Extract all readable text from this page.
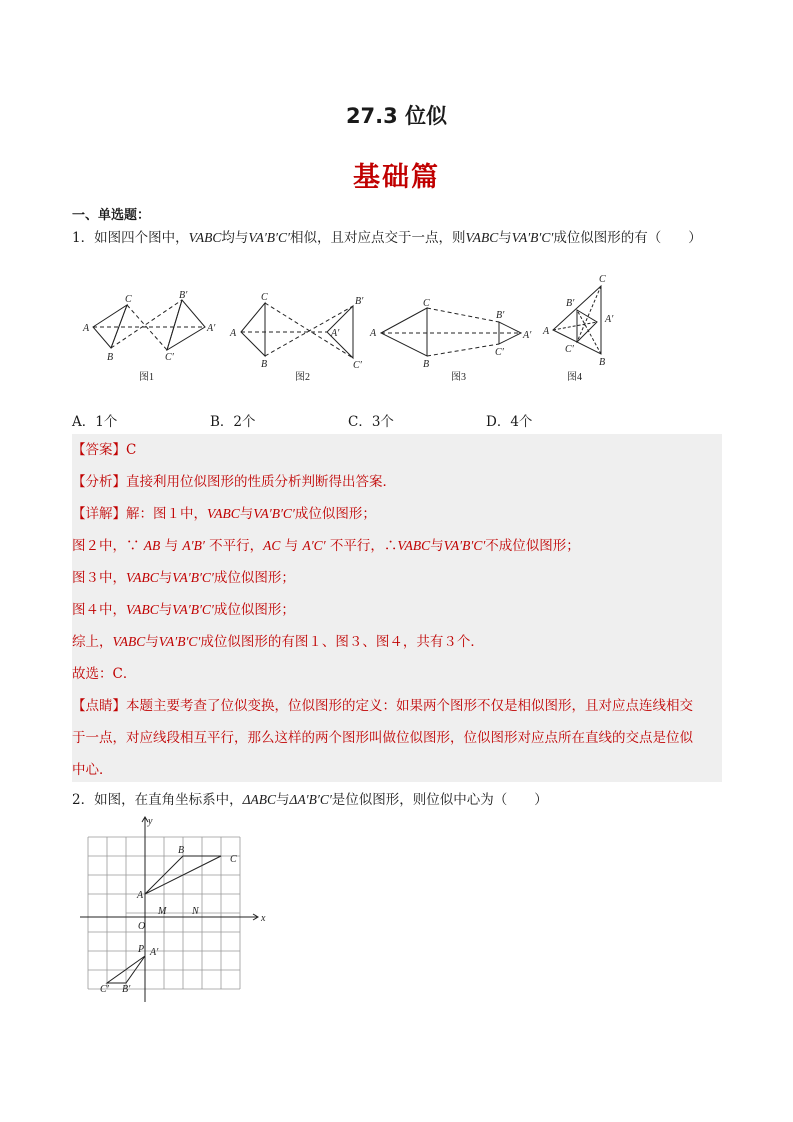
27.3 位似
基础篇
一、单选题：
1．如图四个图中，VABC均与VA′B′C′相似，且对应点交于一点，则VABC与VA′B′C′成位似图形的有（　　）
A
C
B
B′
A′
C′
图1
A
C
B
B′
A′
C′
图2
A
C
B
B′
A′
C′
图3
A
C
B
B′
A′
C′
图4
A．1个	B．2个	C．3个	D．4个
【答案】C
【分析】直接利用位似图形的性质分析判断得出答案．
【详解】解：图１中，VABC与VA′B′C′成位似图形；
图２中，∵ AB 与 A′B′ 不平行，AC 与 A′C′ 不平行，∴VABC与VA′B′C′不成位似图形；
图３中，VABC与VA′B′C′成位似图形；
图４中，VABC与VA′B′C′成位似图形；
综上，VABC与VA′B′C′成位似图形的有图１、图３、图４，共有３个．
故选：C．
【点睛】本题主要考查了位似变换，位似图形的定义：如果两个图形不仅是相似图形，且对应点连线相交
于一点，对应线段相互平行，那么这样的两个图形叫做位似图形，位似图形对应点所在直线的交点是位似
中心．
2．如图，在直角坐标系中，ΔABC与ΔA′B′C′是位似图形，则位似中心为（　　）
x
y
O
A
B
C
M	N
P A′
B′
C′
